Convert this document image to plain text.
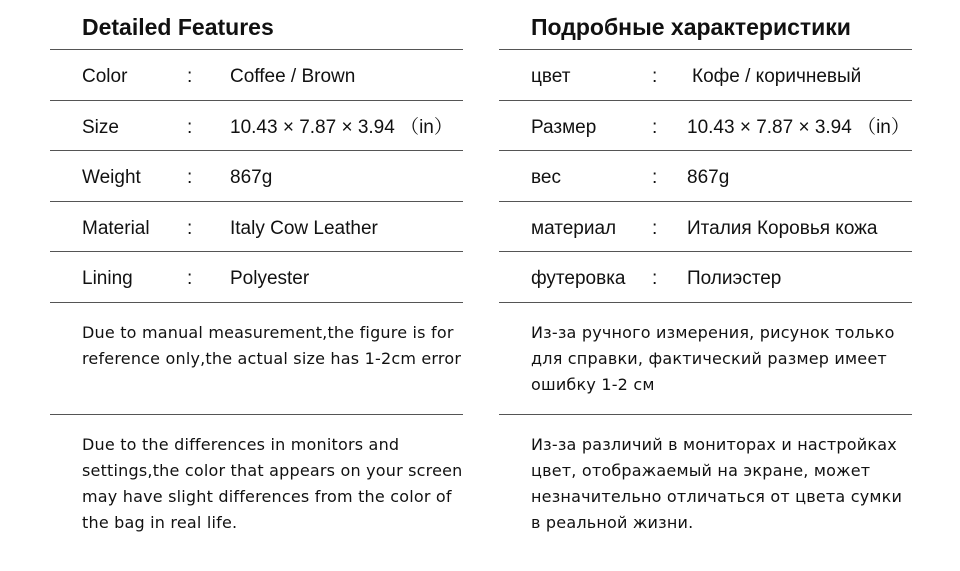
Detailed Features
Color	: Coffee / Brown
Size	: 10.43 × 7.87 × 3.94 （in）
Weight : 867g
Material : Italy Cow Leather
Lining	: Polyester
Due to manual measurement,the figure is for reference only,the actual size has 1-2cm error
Due to the differences in monitors and settings,the color that appears on your screen may have slight differences from the color of the bag in real life.
Подробные характеристики
цвет	: Кофе / коричневый
Размер	: 10.43 × 7.87 × 3.94 （in）
вес	: 867g
материал : Италия Коровья кожа
футеровка : Полиэстер
Из-за ручного измерения, рисунок только для справки, фактический размер имеет ошибку 1-2 см
Из-за различий в мониторах и настройках цвет, отображаемый на экране, может незначительно отличаться от цвета сумки в реальной жизни.
